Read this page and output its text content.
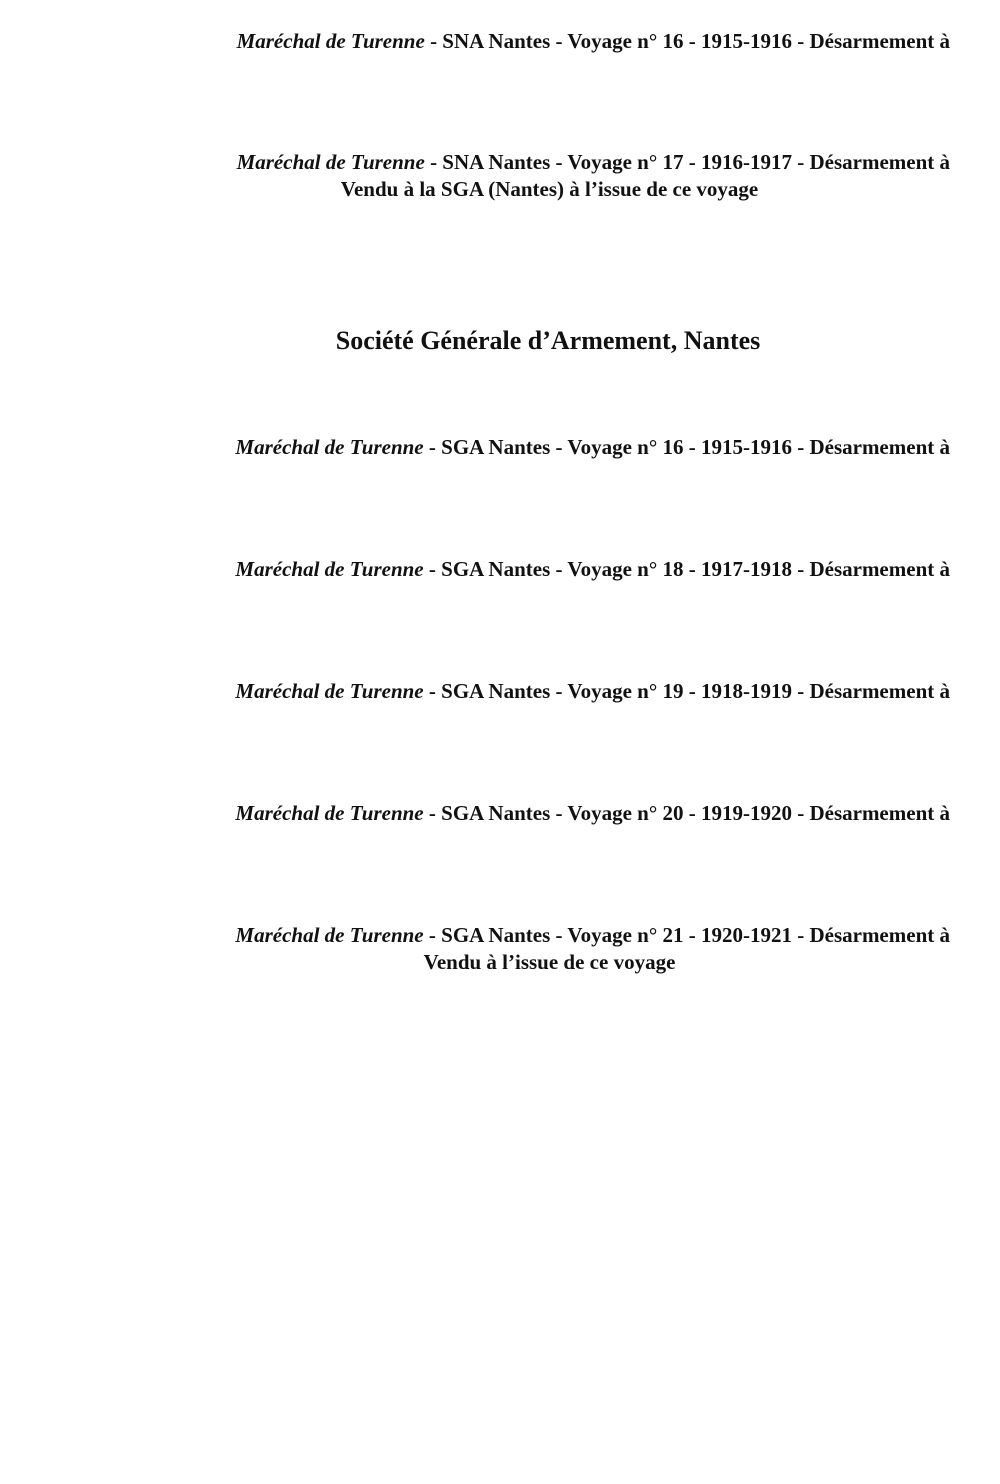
Maréchal de Turenne - SNA Nantes - Voyage n° 16 - 1915-1916 - Désarmement à
Maréchal de Turenne - SNA Nantes - Voyage n° 17 - 1916-1917 - Désarmement à
Vendu à la SGA (Nantes) à l’issue de ce voyage
Société Générale d’Armement, Nantes
Maréchal de Turenne - SGA Nantes - Voyage n° 16 - 1915-1916 - Désarmement à
Maréchal de Turenne - SGA Nantes - Voyage n° 18 - 1917-1918 - Désarmement à
Maréchal de Turenne - SGA Nantes - Voyage n° 19 - 1918-1919 - Désarmement à
Maréchal de Turenne - SGA Nantes - Voyage n° 20 - 1919-1920 - Désarmement à
Maréchal de Turenne - SGA Nantes - Voyage n° 21 - 1920-1921 - Désarmement à
Vendu à l’issue de ce voyage
